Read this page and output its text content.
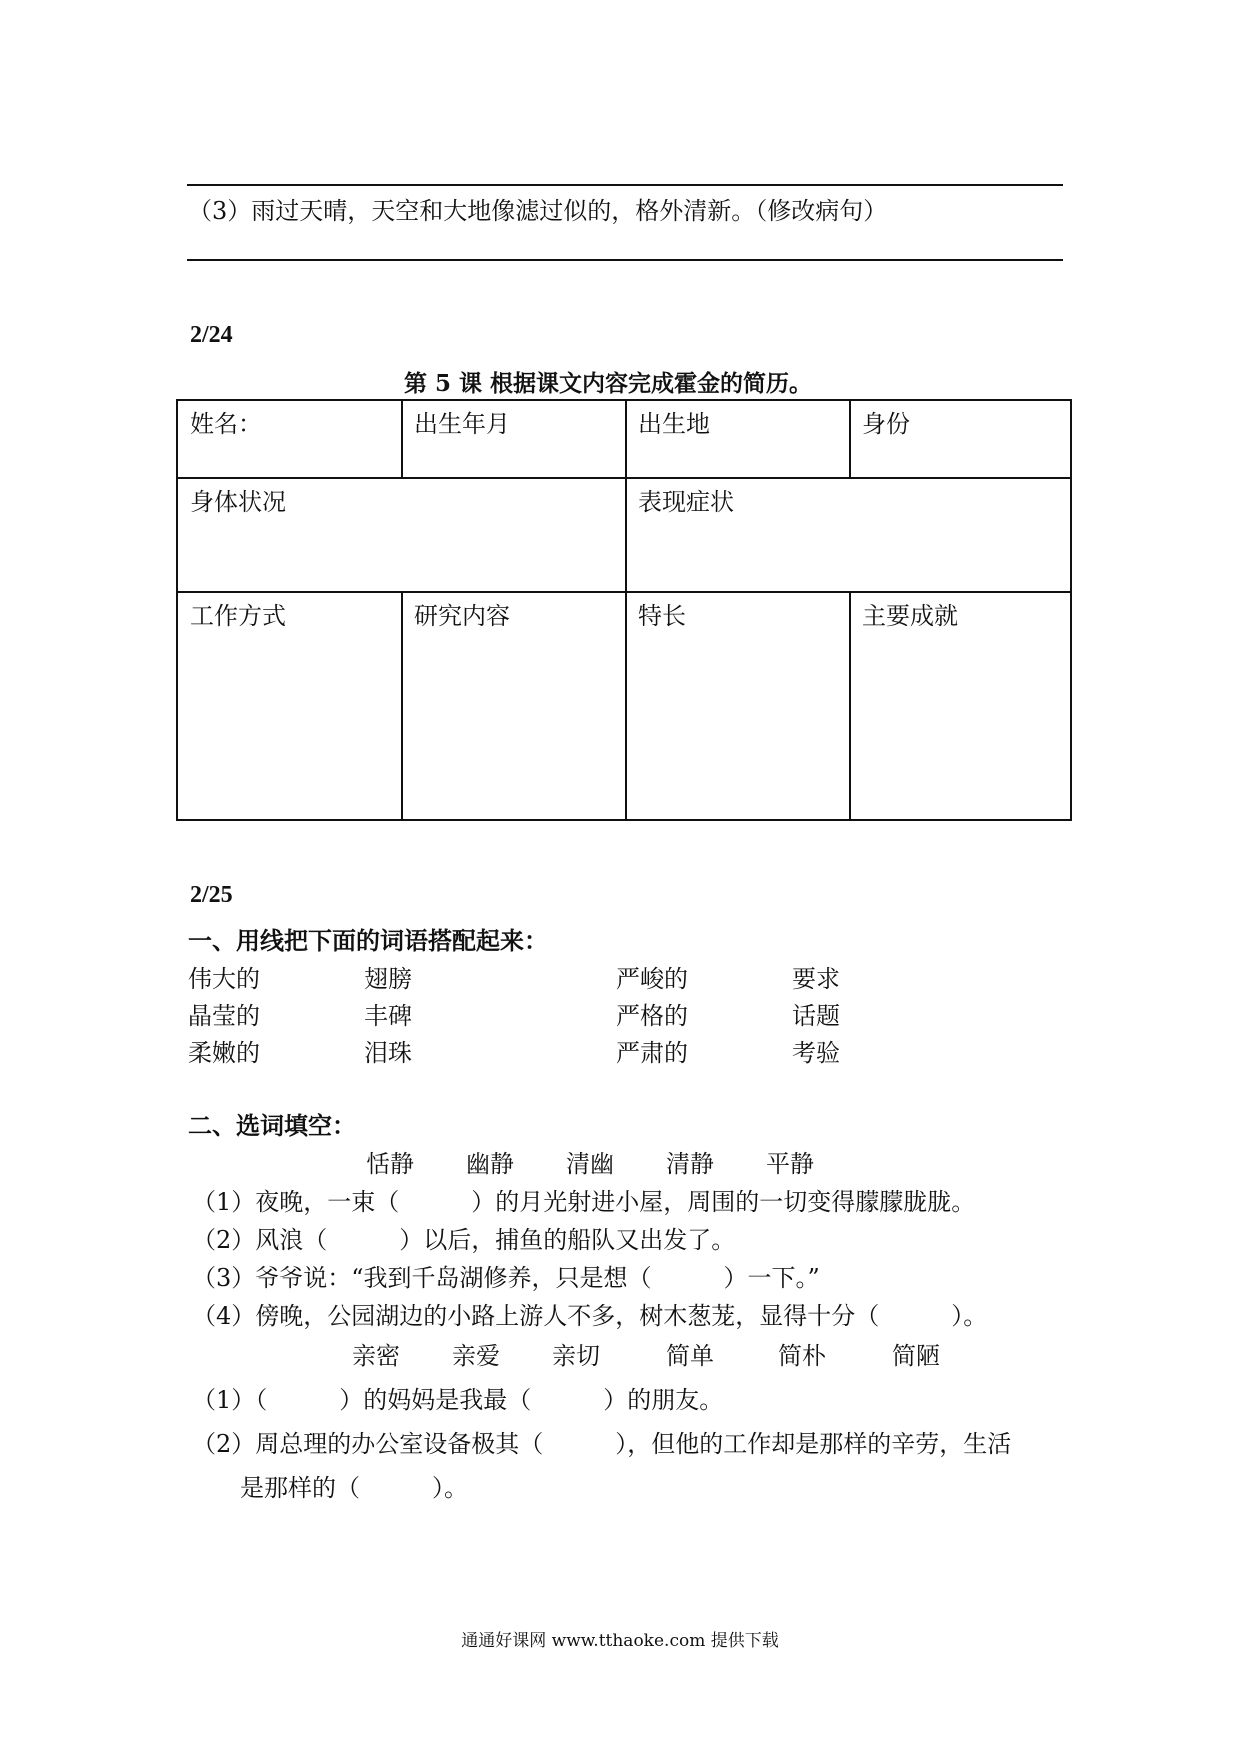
（3）雨过天晴，天空和大地像滤过似的，格外清新。（修改病句）
2/24
第 5 课 根据课文内容完成霍金的简历。
姓名：	出生年月	出生地	身份
身体状况	表现症状
工作方式	研究内容	特长	主要成就
2/25
一、用线把下面的词语搭配起来：
伟大的	翅膀	严峻的	要求
晶莹的	丰碑	严格的	话题
柔嫩的	泪珠	严肃的	考验
二、选词填空：
恬静 幽静 清幽 清静 平静
（1）夜晚，一束（　　　）的月光射进小屋，周围的一切变得朦朦胧胧。
（2）风浪（　　　）以后，捕鱼的船队又出发了。
（3）爷爷说：“我到千岛湖修养，只是想（　　　）一下。”
（4）傍晚，公园湖边的小路上游人不多，树木葱茏，显得十分（　　　）。
亲密 亲爱 亲切	简单	简朴	简陋
（1）（　　　）的妈妈是我最（　　　）的朋友。
（2）周总理的办公室设备极其（　　　），但他的工作却是那样的辛劳，生活
是那样的（　　　）。
通通好课网 www.tthaoke.com 提供下载
